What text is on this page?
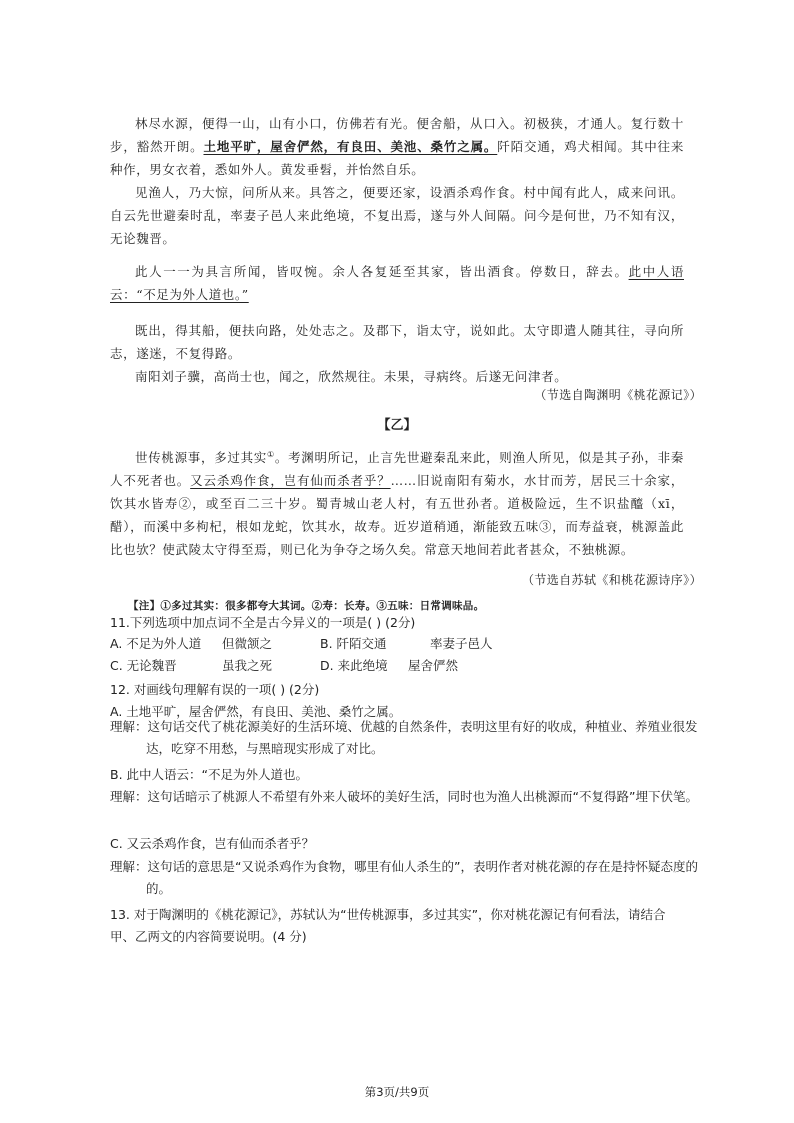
林尽水源，便得一山，山有小口，仿佛若有光。便舍船，从口入。初极狭，才通人。复行数十步，豁然开朗。土地平旷，屋舍俨然，有良田、美池、桑竹之属。阡陌交通，鸡犬相闻。其中往来种作，男女衣着，悉如外人。黄发垂髫，并怡然自乐。

见渔人，乃大惊，问所从来。具答之，便要还家，设酒杀鸡作食。村中闻有此人，咸来问讯。自云先世避秦时乱，率妻子邑人来此绝境，不复出焉，遂与外人间隔。问今是何世，乃不知有汉，无论魏晋。

此人一一为具言所闻，皆叹惋。余人各复延至其家，皆出酒食。停数日，辞去。此中人语云：“不足为外人道也。”

既出，得其船，便扶向路，处处志之。及郡下，诣太守，说如此。太守即遣人随其往，寻向所志，遂迷，不复得路。

南阳刘子骥，高尚士也，闻之，欣然规往。未果，寻病终。后遂无问津者。

（节选自陶渊明《桃花源记》）
【乙】

世传桃源事，多过其实①。考渊明所记，止言先世避秦乱来此，则渔人所见，似是其子孙，非秦人不死者也。又云杀鸡作食，岂有仙而杀者乎？……旧说南阳有菊水，水甘而芳，居民三十余家，饮其水皆寿②，或至百二三十岁。蜀青城山老人村，有五世孙者。道极险远，生不识盐醯（xī，醋），而溪中多枸杞，根如龙蛇，饮其水，故寿。近岁道稍通，渐能致五味③，而寿益衰，桃源盖此比也欤？使武陵太守得至焉，则已化为争夺之场久矣。常意天地间若此者甚众，不独桃源。

（节选自苏轼《和桃花源诗序》）
【注】①多过其实：很多都夸大其词。②寿：长寿。③五味：日常调味品。
11.下列选项中加点词不全是古今异义的一项是( ) (2分)
A. 不足为外人道 但微颔之	B. 阡陌交通	率妻子邑人
C. 无论魏晋	虽我之死	D. 来此绝境 屋舍俨然
12. 对画线句理解有误的一项( ) (2分)
A. 土地平旷，屋舍俨然，有良田、美池、桑竹之属。
理解：这句话交代了桃花源美好的生活环境、优越的自然条件，表明这里有好的收成，种植业、养殖业很发达，吃穿不用愁，与黑暗现实形成了对比。
B. 此中人语云：“不足为外人道也。
理解：这句话暗示了桃源人不希望有外来人破坏的美好生活，同时也为渔人出桃源而“不复得路”埋下伏笔。
C. 又云杀鸡作食，岂有仙而杀者乎？
理解：这句话的意思是“又说杀鸡作为食物，哪里有仙人杀生的”，表明作者对桃花源的存在是持怀疑态度的的。
13. 对于陶渊明的《桃花源记》，苏轼认为“世传桃源事，多过其实”，你对桃花源记有何看法，请结合
甲、乙两文的内容简要说明。(4 分)
第3页/共9页
